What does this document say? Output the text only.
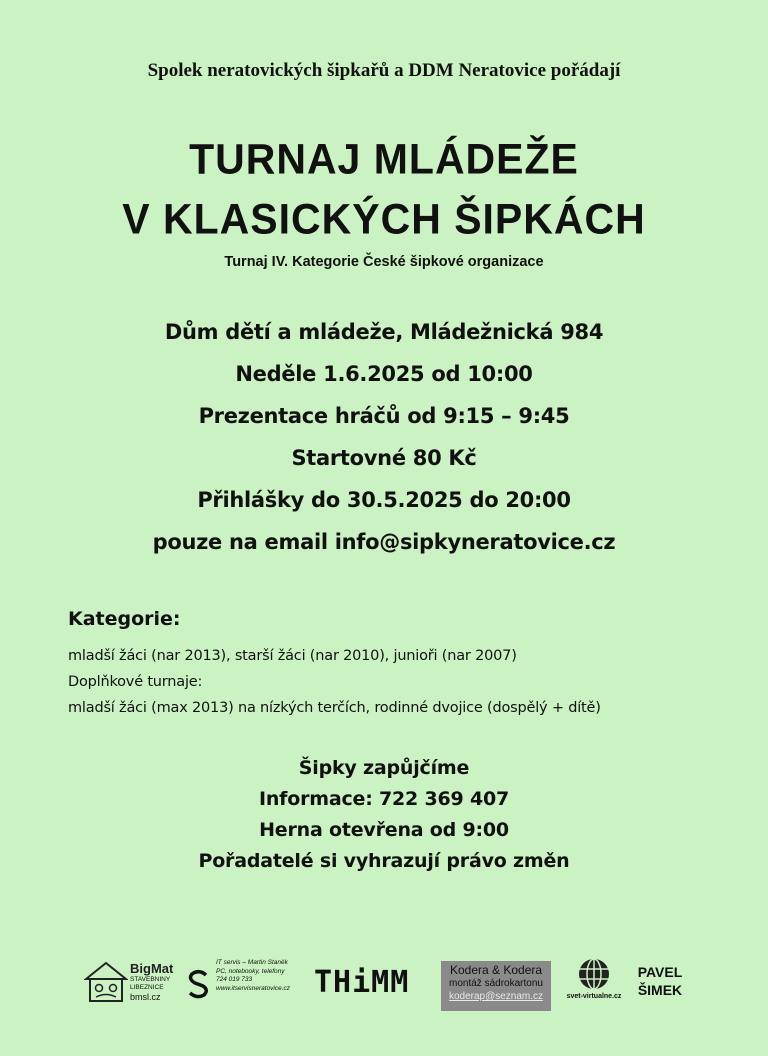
Spolek neratovických šipkařů a DDM Neratovice pořádají
TURNAJ MLÁDEŽE
V KLASICKÝCH ŠIPKÁCH
Turnaj IV. Kategorie České šipkové organizace
Dům dětí a mládeže, Mládežnická 984
Neděle 1.6.2025 od 10:00
Prezentace hráčů od 9:15 – 9:45
Startovné 80 Kč
Přihlášky do 30.5.2025 do 20:00
pouze na email info@sipkyneratovice.cz
Kategorie:
mladší žáci (nar 2013), starší žáci (nar 2010), junioři (nar 2007)
Doplňkové turnaje:
mladší žáci (max 2013) na nízkých terčích, rodinné dvojice (dospělý + dítě)
Šipky zapůjčíme
Informace: 722 369 407
Herna otevřena od 9:00
Pořadatelé si vyhrazují právo změn
BigMat
STAVEBNINY
LIBEZNICE
bmsl.cz
IT servis – Martin Staněk
PC, notebooky, telefony
724 019 733
www.itservisneratovice.cz THiMM	Kodera & Kodera
montáž sádrokartonu
koderap@seznam.cz	svet-virtualne.cz
PAVEL
ŠIMEK
